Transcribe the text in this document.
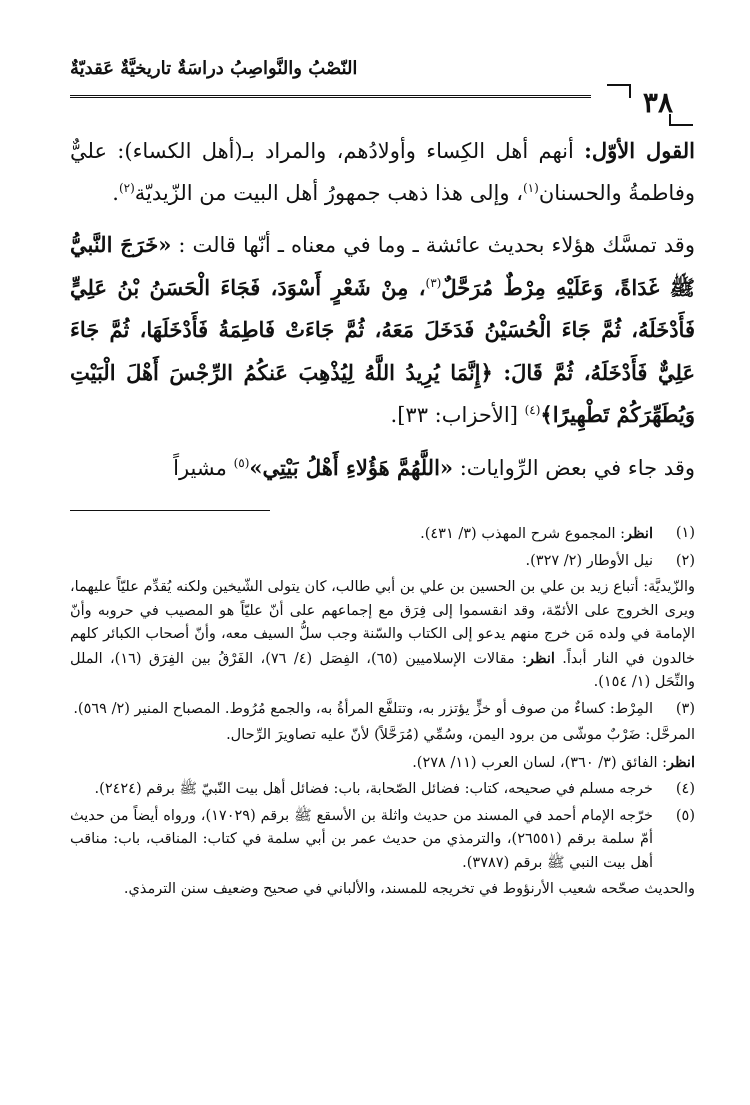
النّصْبُ والنَّواصِبُ دراسَةٌ تاريخيَّةٌ عَقديّةٌ
٣٨

القول الأوّل: أنهم أهل الكِساء وأولادُهم، والمراد بـ(أهل الكساء): عليٌّ وفاطمةُ والحسنان$^{(١)}$، وإلى هذا ذهب جمهورُ أهل البيت من الزّيديّة$^{(٢)}$.

وقد تمسَّك هؤلاء بحديث عائشة ـ وما في معناه ـ أنّها قالت : «خَرَجَ النَّبيُّ ﷺ غَدَاةً، وَعَلَيْهِ مِرْطٌ مُرَحَّلٌ$^{(٣)}$، مِنْ شَعْرٍ أَسْوَدَ، فَجَاءَ الْحَسَنُ بْنُ عَلِيٍّ فَأَدْخَلَهُ، ثُمَّ جَاءَ الْحُسَيْنُ فَدَخَلَ مَعَهُ، ثُمَّ جَاءَتْ فَاطِمَةُ فَأَدْخَلَهَا، ثُمَّ جَاءَ عَلِيٌّ فَأَدْخَلَهُ، ثُمَّ قَالَ: ﴿إِنَّمَا يُرِيدُ اللَّهُ لِيُذْهِبَ عَنكُمُ الرِّجْسَ أَهْلَ الْبَيْتِ وَيُطَهِّرَكُمْ تَطْهِيرًا﴾$^{(٤)}$ [الأحزاب: ٣٣].

وقد جاء في بعض الرِّوايات: «اللَّهُمَّ هَؤُلاءِ أَهْلُ بَيْتِي»$^{(٥)}$ مشيراً

(١)
انظر: المجموع شرح المهذب (٣/ ٤٣١).
(٢)
نيل الأوطار (٢/ ٣٢٧).

والزّيديَّة: أتباع زيد بن علي بن الحسين بن علي بن أبي طالب، كان يتولى الشّيخين ولكنه يُقدِّم عليّاً عليهما، ويرى الخروج على الأئمّة، وقد انقسموا إلى فِرَق مع إجماعهم على أنّ عليّاً هو المصيب في حروبه وأنّ الإمامة في ولده مَن خرج منهم يدعو إلى الكتاب والسّنة وجب سلُّ السيف معه، وأنّ أصحاب الكبائر كلهم خالدون في النار أبداً. انظر: مقالات الإسلاميين (٦٥)، الفِصَل (٤/ ٧٦)، الفَرْقُ بين الفِرَق (١٦)، الملل والنِّحَل (١/ ١٥٤).

(٣)
المِرْط: كساءٌ من صوف أو خزٍّ يؤتزر به، وتتلفَّع المرأةُ به، والجمع مُرُوط. المصباح المنير (٢/ ٥٦٩).

المرحَّل: ضَرْبٌ موشّى من برود اليمن، وسُمِّي (مُرَحَّلاً) لأنّ عليه تصاويرَ الرِّحال.

انظر: الفائق (٣/ ٣٦٠)، لسان العرب (١١/ ٢٧٨).

(٤)
خرجه مسلم في صحيحه، كتاب: فضائل الصّحابة، باب: فضائل أهل بيت النّبيّ ﷺ برقم (٢٤٢٤).
(٥)
خرّجه الإمام أحمد في المسند من حديث واثلة بن الأسقع ﷺ برقم (١٧٠٢٩)، ورواه أيضاً من حديث أمّ سلمة برقم (٢٦٥٥١)، والترمذي من حديث عمر بن أبي سلمة في كتاب: المناقب، باب: مناقب أهل بيت النبي ﷺ برقم (٣٧٨٧).

والحديث صحّحه شعيب الأرنؤوط في تخريجه للمسند، والألباني في صحيح وضعيف سنن الترمذي.
